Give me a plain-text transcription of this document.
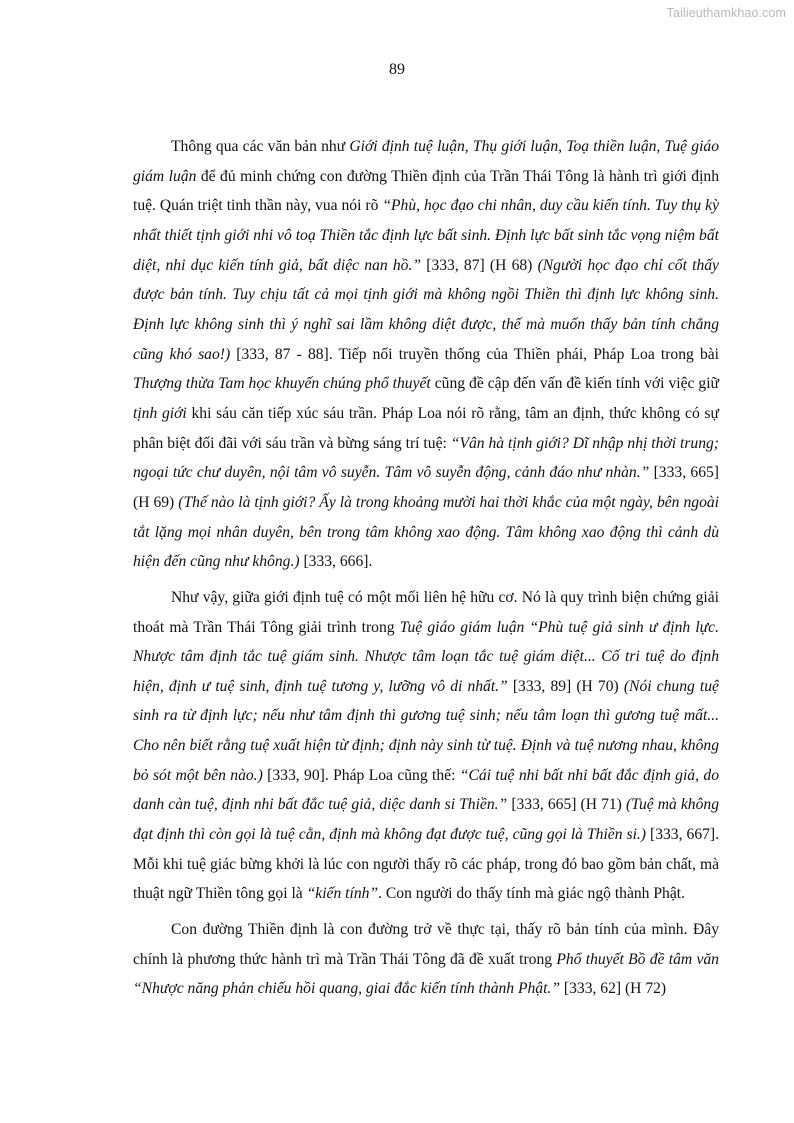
Tailieuthamkhao.com
89

Thông qua các văn bản như Giới định tuệ luận, Thụ giới luận, Toạ thiền luận, Tuệ giáo giám luận để đủ minh chứng con đường Thiền định của Trần Thái Tông là hành trì giới định tuệ. Quán triệt tinh thần này, vua nói rõ “Phù, học đạo chi nhân, duy cầu kiến tính. Tuy thụ kỳ nhất thiết tịnh giới nhi vô toạ Thiền tắc định lực bất sinh. Định lực bất sinh tắc vọng niệm bất diệt, nhi dục kiến tính giả, bất diệc nan hồ.” [333, 87] (H 68) (Người học đạo chỉ cốt thấy được bản tính. Tuy chịu tất cả mọi tịnh giới mà không ngồi Thiền thì định lực không sinh. Định lực không sinh thì ý nghĩ sai lầm không diệt được, thế mà muốn thấy bản tính chẳng cũng khó sao!) [333, 87 - 88]. Tiếp nối truyền thống của Thiền phái, Pháp Loa trong bài Thượng thừa Tam học khuyến chúng phổ thuyết cũng đề cập đến vấn đề kiến tính với việc giữ tịnh giới khi sáu căn tiếp xúc sáu trần. Pháp Loa nói rõ rằng, tâm an định, thức không có sự phân biệt đối đãi với sáu trần và bừng sáng trí tuệ: “Vân hà tịnh giới? Dĩ nhập nhị thời trung; ngoại tức chư duyên, nội tâm vô suyễn. Tâm vô suyễn động, cảnh đáo như nhàn.” [333, 665] (H 69) (Thế nào là tịnh giới? Ấy là trong khoảng mười hai thời khắc của một ngày, bên ngoài tắt lặng mọi nhân duyên, bên trong tâm không xao động. Tâm không xao động thì cảnh dù hiện đến cũng như không.) [333, 666].

Như vậy, giữa giới định tuệ có một mối liên hệ hữu cơ. Nó là quy trình biện chứng giải thoát mà Trần Thái Tông giải trình trong Tuệ giáo giám luận “Phù tuệ giả sinh ư định lực. Nhược tâm định tắc tuệ giám sinh. Nhược tâm loạn tắc tuệ giám diệt... Cố tri tuệ do định hiện, định ư tuệ sinh, định tuệ tương y, lưỡng vô di nhất.” [333, 89] (H 70) (Nói chung tuệ sinh ra từ định lực; nếu như tâm định thì gương tuệ sinh; nếu tâm loạn thì gương tuệ mất... Cho nên biết rằng tuệ xuất hiện từ định; định này sinh từ tuệ. Định và tuệ nương nhau, không bỏ sót một bên nào.) [333, 90]. Pháp Loa cũng thế: “Cái tuệ nhi bất nhi bất đắc định giả, do danh càn tuệ, định nhi bất đắc tuệ giả, diệc danh si Thiền.” [333, 665] (H 71) (Tuệ mà không đạt định thì còn gọi là tuệ cằn, định mà không đạt được tuệ, cũng gọi là Thiền si.) [333, 667]. Mỗi khi tuệ giác bừng khởi là lúc con người thấy rõ các pháp, trong đó bao gồm bản chất, mà thuật ngữ Thiền tông gọi là “kiến tính”. Con người do thấy tính mà giác ngộ thành Phật.

Con đường Thiền định là con đường trở về thực tại, thấy rõ bản tính của mình. Đây chính là phương thức hành trì mà Trần Thái Tông đã đề xuất trong Phổ thuyết Bồ đề tâm văn “Nhược năng phản chiếu hồi quang, giai đắc kiến tính thành Phật.” [333, 62] (H 72)
